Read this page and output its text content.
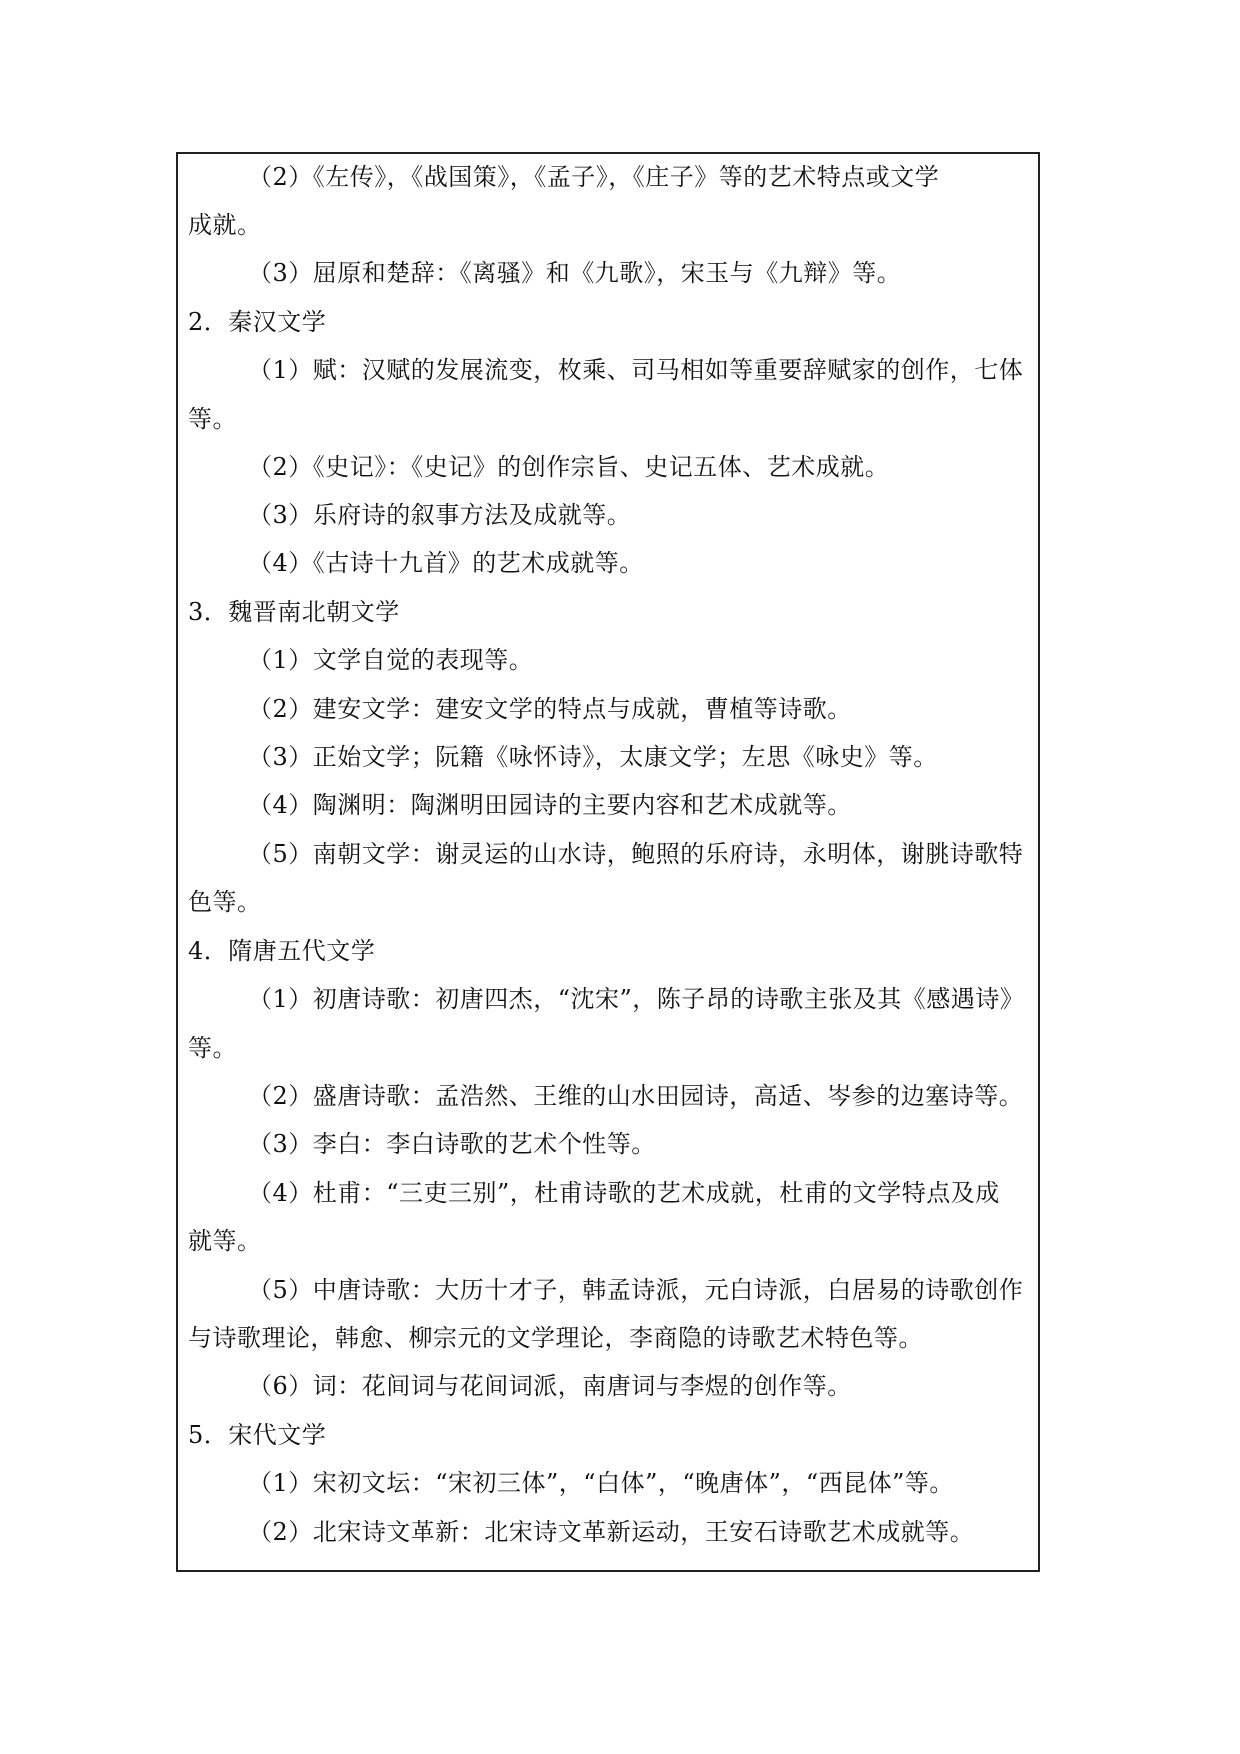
（2）《左传》，《战国策》，《孟子》，《庄子》等的艺术特点或文学
成就。
（3）屈原和楚辞：《离骚》和《九歌》，宋玉与《九辩》等。
2．秦汉文学
（1）赋：汉赋的发展流变，枚乘、司马相如等重要辞赋家的创作，七体
等。
（2）《史记》：《史记》的创作宗旨、史记五体、艺术成就。
（3）乐府诗的叙事方法及成就等。
（4）《古诗十九首》的艺术成就等。
3．魏晋南北朝文学
（1）文学自觉的表现等。
（2）建安文学：建安文学的特点与成就，曹植等诗歌。
（3）正始文学；阮籍《咏怀诗》，太康文学；左思《咏史》等。
（4）陶渊明：陶渊明田园诗的主要内容和艺术成就等。
（5）南朝文学：谢灵运的山水诗，鲍照的乐府诗，永明体，谢朓诗歌特
色等。
4．隋唐五代文学
（1）初唐诗歌：初唐四杰，“沈宋”，陈子昂的诗歌主张及其《感遇诗》
等。
（2）盛唐诗歌：孟浩然、王维的山水田园诗，高适、岑参的边塞诗等。
（3）李白：李白诗歌的艺术个性等。
（4）杜甫：“三吏三别”，杜甫诗歌的艺术成就，杜甫的文学特点及成
就等。
（5）中唐诗歌：大历十才子，韩孟诗派，元白诗派，白居易的诗歌创作
与诗歌理论，韩愈、柳宗元的文学理论，李商隐的诗歌艺术特色等。
（6）词：花间词与花间词派，南唐词与李煜的创作等。
5．宋代文学
（1）宋初文坛：“宋初三体”，“白体”，“晚唐体”，“西昆体”等。
（2）北宋诗文革新：北宋诗文革新运动，王安石诗歌艺术成就等。
